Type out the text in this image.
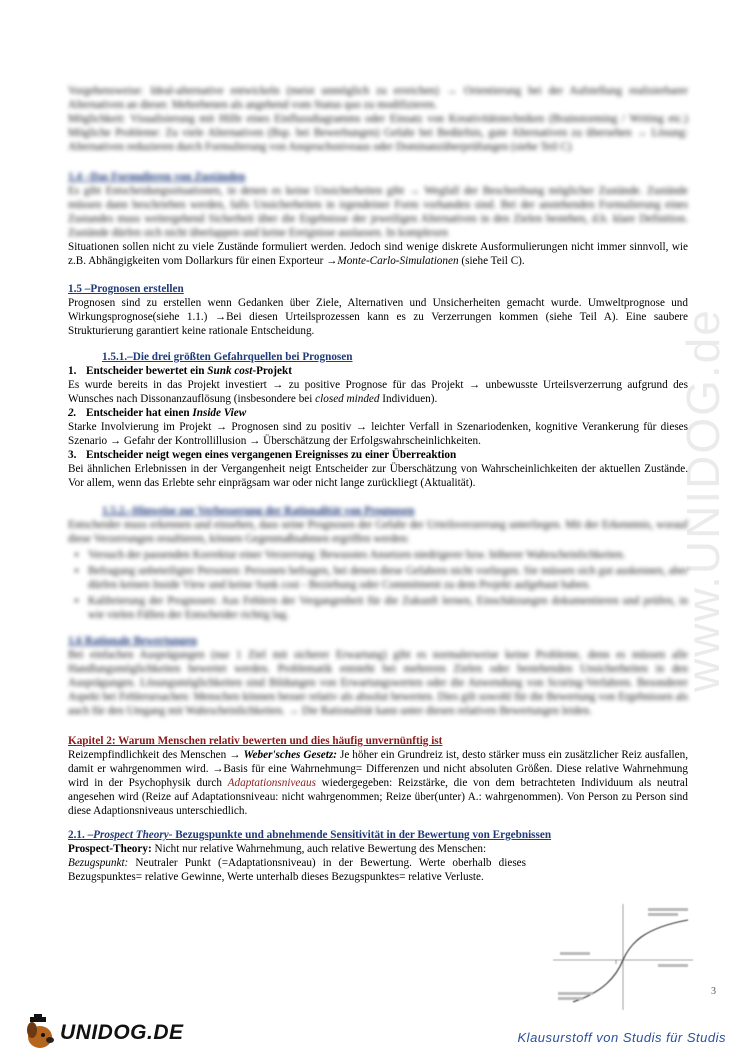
www.UNIDOG.de

Vorgehensweise: Ideal-alternative entwickeln (meist unmöglich zu erreichen) → Orientierung bei der Aufstellung realisierbarer Alternativen an dieser. Mehrebenen als angehend vom Status quo zu modifizieren.

Möglichkeit: Visualisierung mit Hilfe eines Einflussdiagramms oder Einsatz von Kreativitätstechniken (Brainstorming / Writing etc.) Mögliche Probleme: Zu viele Alternativen (Bsp. bei Bewerbungen) Gefahr bei Bedürfnis, gute Alternativen zu übersehen → Lösung: Alternativen reduzieren durch Formulierung von Anspruchsniveaus oder Dominanzüberprüfungen (siehe Teil C)

1.4 –Das Formulieren von Zuständen

Es gibt Entscheidungssituationen, in denen es keine Unsicherheiten gibt → Wegfall der Beschreibung möglicher Zustände. Zustände müssen dann beschrieben werden, falls Unsicherheiten in irgendeiner Form vorhanden sind. Bei der anstehenden Formulierung eines Zustandes muss weitergehend Sicherheit über die Ergebnisse der jeweiligen Alternativen in den Zielen bestehen, d.h. klare Definition. Zustände dürfen sich nicht überlappen und keine Ereignisse auslassen. In komplexen

Situationen sollen nicht zu viele Zustände formuliert werden. Jedoch sind wenige diskrete Ausformulierungen nicht immer sinnvoll, wie z.B. Abhängigkeiten vom Dollarkurs für einen Exporteur →Monte-Carlo-Simulationen (siehe Teil C).

1.5 –Prognosen erstellen

Prognosen sind zu erstellen wenn Gedanken über Ziele, Alternativen und Unsicherheiten gemacht wurde. Umweltprognose und Wirkungsprognose(siehe 1.1.) →Bei diesen Urteilsprozessen kann es zu Verzerrungen kommen (siehe Teil A). Eine saubere Strukturierung garantiert keine rationale Entscheidung.

1.5.1.–Die drei größten Gefahrquellen bei Prognosen
1. Entscheider bewertet ein Sunk cost-Projekt

Es wurde bereits in das Projekt investiert → zu positive Prognose für das Projekt → unbewusste Urteilsverzerrung aufgrund des Wunsches nach Dissonanzauflösung (insbesondere bei closed minded Individuen).

2. Entscheider hat einen Inside View

Starke Involvierung im Projekt → Prognosen sind zu positiv → leichter Verfall in Szenariodenken, kognitive Verankerung für dieses Szenario → Gefahr der Kontrollillusion → Überschätzung der Erfolgswahrscheinlichkeiten.

3. Entscheider neigt wegen eines vergangenen Ereignisses zu einer Überreaktion

Bei ähnlichen Erlebnissen in der Vergangenheit neigt Entscheider zur Überschätzung von Wahrscheinlichkeiten der aktuellen Zustände. Vor allem, wenn das Erlebte sehr einprägsam war oder nicht lange zurückliegt (Aktualität).

1.5.2.–Hinweise zur Verbesserung der Rationalität von Prognosen

Entscheider muss erkennen und einsehen, dass seine Prognosen der Gefahr der Urteilsverzerrung unterliegen. Mit der Erkenntnis, worauf diese Verzerrungen resultieren, können Gegenmaßnahmen ergriffen werden:

• Versuch der passenden Korrektur einer Verzerrung: Bewusstes Ansetzen niedrigerer bzw. höherer Wahrscheinlichkeiten.
• Befragung unbeteiligter Personen: Personen befragen, bei denen diese Gefahren nicht vorliegen. Sie müssen sich gut auskennen, aber dürfen keinen Inside View und keine Sunk cost - Beziehung oder Commitment zu dem Projekt aufgebaut haben.
• Kalibrierung der Prognosen: Aus Fehlern der Vergangenheit für die Zukunft lernen, Einschätzungen dokumentieren und prüfen, in wie vielen Fällen der Entscheider richtig lag.
1.6 Rationale Bewertungen

Bei einfachen Ausprägungen (nur 1 Ziel mit sicherer Erwartung) gibt es normalerweise keine Probleme, denn es müssen alle Handlungsmöglichkeiten bewertet werden. Problematik entsteht bei mehreren Zielen oder bestehenden Unsicherheiten in den Ausprägungen. Lösungsmöglichkeiten sind Bildungen von Erwartungswerten oder die Anwendung von Scoring-Verfahren. Besonderer Aspekt bei Fehlerursachen: Menschen können besser relativ als absolut bewerten. Dies gilt sowohl für die Bewertung von Ergebnissen als auch für den Umgang mit Wahrscheinlichkeiten. → Die Rationalität kann unter diesen relativen Bewertungen leiden.

Kapitel 2: Warum Menschen relativ bewerten und dies häufig unvernünftig ist

Reizempfindlichkeit des Menschen → Weber'sches Gesetz: Je höher ein Grundreiz ist, desto stärker muss ein zusätzlicher Reiz ausfallen, damit er wahrgenommen wird. →Basis für eine Wahrnehmung= Differenzen und nicht absoluten Größen. Diese relative Wahrnehmung wird in der Psychophysik durch Adaptationsniveaus wiedergegeben: Reizstärke, die von dem betrachteten Individuum als neutral angesehen wird (Reize auf Adaptationsniveau: nicht wahrgenommen; Reize über(unter) A.: wahrgenommen). Von Person zu Person sind diese Adaptionsniveaus unterschiedlich.

2.1. –Prospect Theory- Bezugspunkte und abnehmende Sensitivität in der Bewertung von Ergebnissen

Prospect-Theory: Nicht nur relative Wahrnehmung, auch relative Bewertung des Menschen:

Bezugspunkt: Neutraler Punkt (=Adaptationsniveau) in der Bewertung. Werte oberhalb dieses Bezugspunktes= relative Gewinne, Werte unterhalb dieses Bezugspunktes= relative Verluste.

3
UNIDOG.DE	Klausurstoff von Studis für Studis
